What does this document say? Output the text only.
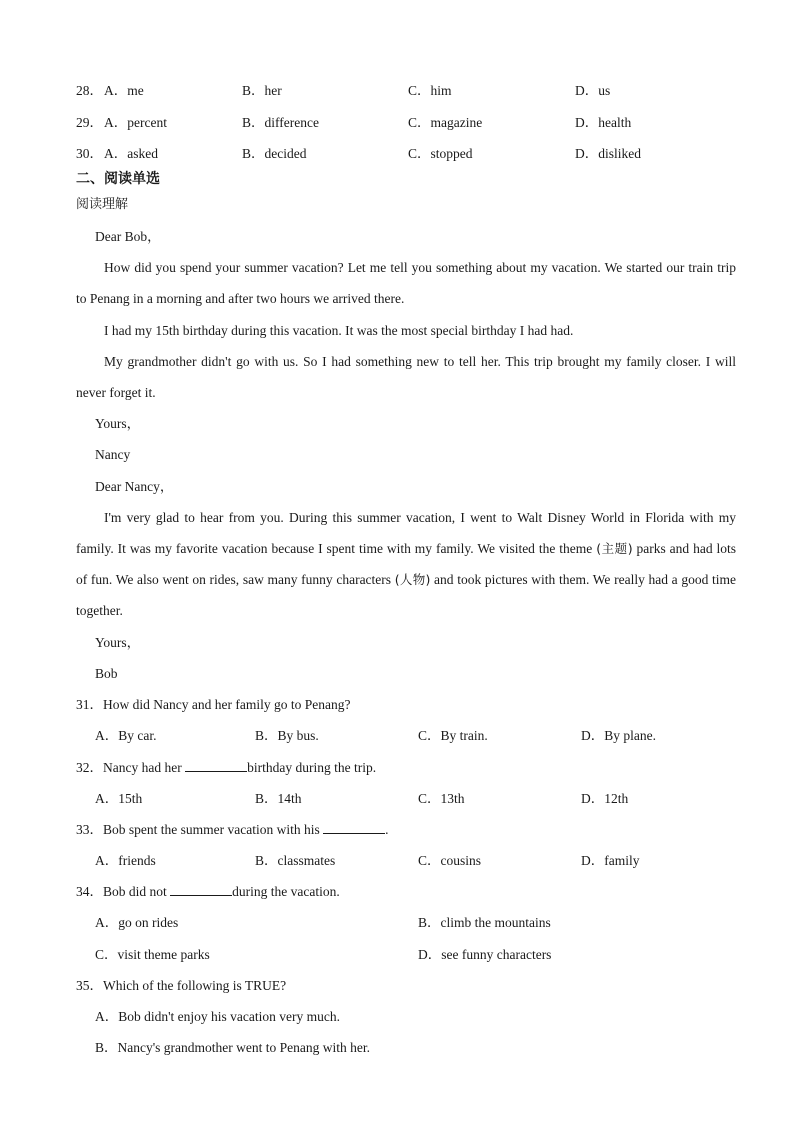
28． A．me	B．her	C．him	D．us
29． A．percent	B．difference	C．magazine	D．health
30． A．asked	B．decided	C．stopped	D．disliked
二、阅读单选
阅读理解
Dear Bob，
How did you spend your summer vacation? Let me tell you something about my vacation. We started our train trip to Penang in a morning and after two hours we arrived there.
I had my 15th birthday during this vacation. It was the most special birthday I had had.
My grandmother didn't go with us. So I had something new to tell her. This trip brought my family closer. I will never forget it.
Yours，
Nancy
Dear Nancy，
I'm very glad to hear from you. During this summer vacation, I went to Walt Disney World in Florida with my family. It was my favorite vacation because I spent time with my family. We visited the theme (主题) parks and had lots of fun. We also went on rides, saw many funny characters (人物) and took pictures with them. We really had a good time together.
Yours，
Bob
31．How did Nancy and her family go to Penang?
A．By car.	B．By bus.	C．By train.	D．By plane.
32．Nancy had her	birthday during the trip.
A．15th	B．14th	C．13th	D．12th
33．Bob spent the summer vacation with his	.
A．friends	B．classmates	C．cousins	D．family
34．Bob did not	during the vacation.
A．go on rides	B．climb the mountains
C．visit theme parks	D．see funny characters
35．Which of the following is TRUE?
A．Bob didn't enjoy his vacation very much.
B．Nancy's grandmother went to Penang with her.
